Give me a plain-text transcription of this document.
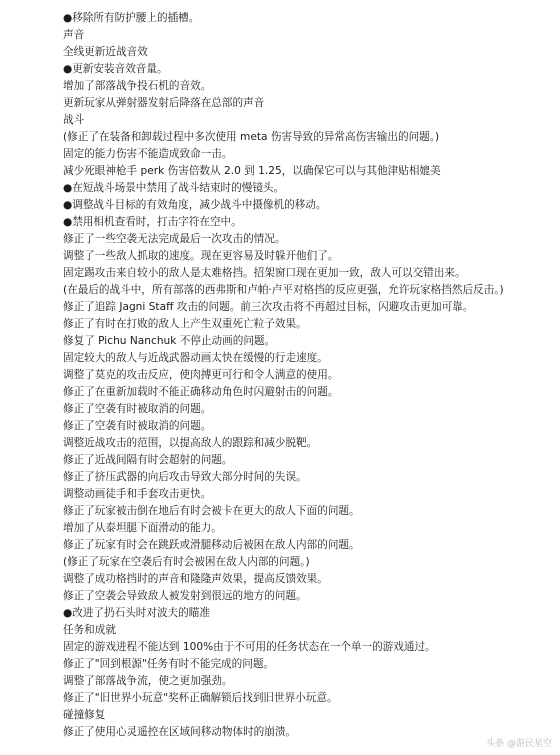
●移除所有防护腰上的插槽。
声音
全线更新近战音效
●更新安装音效音量。
增加了部落战争投石机的音效。
更新玩家从弹射器发射后降落在总部的声音
战斗
(修正了在装备和卸载过程中多次使用 meta 伤害导致的异常高伤害输出的问题。)
固定的能力伤害不能造成致命一击。
减少死眼神枪手 perk 伤害倍数从 2.0 到 1.25，以确保它可以与其他津贴相媲美
●在短战斗场景中禁用了战斗结束时的慢镜头。
●调整战斗目标的有效角度，减少战斗中摄像机的移动。
●禁用相机查看时，打击字符在空中。
修正了一些空袭无法完成最后一次攻击的情况。
调整了一些敌人抓取的速度。现在更容易及时躲开他们了。
固定踢攻击来自较小的敌人是太难格挡。招架窗口现在更加一致，敌人可以交错出来。
(在最后的战斗中，所有部落的西弗斯和卢帕·卢平对格挡的反应更强，允许玩家格挡然后反击。)
修正了追踪 Jagni Staff 攻击的问题。前三次攻击将不再超过目标，闪避攻击更加可靠。
修正了有时在打败的敌人上产生双重死亡粒子效果。
修复了 Pichu Nanchuk 不停止动画的问题。
固定较大的敌人与近战武器动画太快在缓慢的行走速度。
调整了莫克的攻击反应，使肉搏更可行和令人满意的使用。
修正了在重新加载时不能正确移动角色时闪避射击的问题。
修正了空袭有时被取消的问题。
修正了空袭有时被取消的问题。
调整近战攻击的范围，以提高敌人的跟踪和减少脱靶。
修正了近战间隔有时会超射的问题。
修正了挤压武器的向后攻击导致大部分时间的失误。
调整动画徒手和手套攻击更快。
修正了玩家被击倒在地后有时会被卡在更大的敌人下面的问题。
增加了从泰坦腿下面滑动的能力。
修正了玩家有时会在跳跃或滑腿移动后被困在敌人内部的问题。
(修正了玩家在空袭后有时会被困在敌人内部的问题。)
调整了成功格挡时的声音和隆隆声效果，提高反馈效果。
修正了空袭会导致敌人被发射到很远的地方的问题。
●改进了扔石头时对波夫的瞄准
任务和成就
固定的游戏进程不能达到 100%由于不可用的任务状态在一个单一的游戏通过。
修正了"回到根源"任务有时不能完成的问题。
调整了部落战争流，使之更加强劲。
修正了"旧世界小玩意"奖杯正确解锁后找到旧世界小玩意。
碰撞修复
修正了使用心灵遥控在区域间移动物体时的崩溃。
头条 @游民星空
